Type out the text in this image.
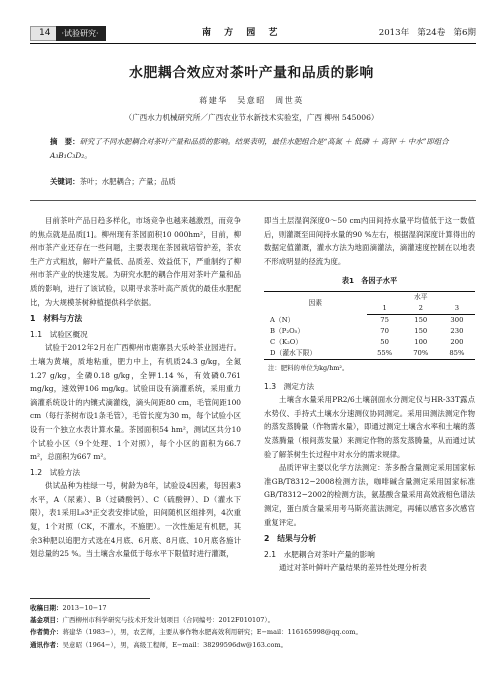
14	·试验研究·	南 方 园 艺	2013年 第24卷 第6期
水肥耦合效应对茶叶产量和品质的影响
蒋建华　吴意昭　周世英
（广西水力机械研究所／广西农业节水新技术实验室，广西 柳州 545006）
摘　要：研究了不同水肥耦合对茶叶产量和品质的影响。结果表明，最佳水肥组合是“高氮 ＋ 低磷 ＋ 高钾 ＋ 中水”即组合 A₃B₁C₃D₂。
关键词：茶叶；水肥耦合；产量；品质

目前茶叶产品日趋多样化，市场竞争也越来越激烈，而竞争的焦点就是品质[1]。柳州现有茶园面积10 000hm²，目前，柳州市茶产业还存在一些问题，主要表现在茶园栽培管护差，茶农生产方式粗放，解叶产量低、品质差、效益低下，严重制约了柳州市茶产业的快速发展。为研究水肥的耦合作用对茶叶产量和品质的影响，进行了该试验，以期寻求茶叶高产质优的最佳水肥配比，为大规模茶树种植提供科学依据。

1　材料与方法

1.1　试验区概况

试验于2012年2月在广西柳州市鹿寨县大乐岭茶业园进行。土壤为黄壤，质地粘重，肥力中上，有机质24.3 g/kg，全氮1.27 g/kg，全磷0.18 g/kg，全钾1.14 %，有效磷0.761 mg/kg，速效钾106 mg/kg。试验田设有滴灌系统，采用重力滴灌系统设计的内镶式滴灌线，滴头间距80 cm，毛管间距100 cm（每行茶树布设1条毛管），毛管长度为30 m，每个试验小区设有一个独立水表计算水量。茶园面积54 hm²，测试区共分10个试验小区（9个处理、1个对照），每个小区的面积为66.7 m²，总面积为667 m²。

1.2　试验方法

供试品种为桂绿一号，树龄为8年，试验设4因素，每因素3水平，A（尿素）、B（过磷酸钙）、C（硫酸钾）、D（灌水下限），表1采用L₉3⁴正交表安排试验，田间随机区组排列，4次重复，1个对照（CK，不灌水，不施肥）。一次性施足有机肥，其余3种肥以追肥方式选在4月底、6月底、8月底、10月底各施计划总量的25 %。当土壤含水量低于每水平下限值时进行灌溉，

即当土层湿润深度0～50 cm内田间持水量平均值低于这一数值后，则灌溉至田间持水量的90 %左右，根据湿润深度计算得出的数据定值灌溉，灌水方法为地面滴灌法，滴灌速度控制在以地表不形成明显的径流为度。

表1　各因子水平
因素	水平		
	1	2	3
A（N）	75	150	300
B（P₂O₅）	70	150	230
C（K₂O）	50	100	200
D（灌水下限）	55%	70%	85%
注：肥料的单位为kg/hm²。

1.3　测定方法

土壤含水量采用PR2/6土壤剖面水分测定仪与HR-33T露点水势仪、手持式土壤水分速测仪协同测定。采用田测法测定作物的蒸发蒸腾量（作物需水量），即通过测定土壤含水率和土壤的蒸发蒸腾量（根间蒸发量）来测定作物的蒸发蒸腾量，从而通过试验了解茶树生长过程中对水分的需求规律。

品质评审主要以化学方法测定：茶多酚含量测定采用国家标准GB/T8312−2008检测方法，咖啡碱含量测定采用国家标准GB/T8312−2002的检测方法，氨基酸含量采用高效液相色谱法测定，蛋白质含量采用考马斯亮蓝法测定，再辅以感官多次感官重复评定。

2　结果与分析

2.1　水肥耦合对茶叶产量的影响

通过对茶叶鲜叶产量结果的差异性处理分析表

收稿日期：2013−10−17
基金项目：广西柳州市科学研究与技术开发计划项目（合同编号：2012F010107）。
作者简介：蒋建华（1983−），男，农艺师，主要从事作物水肥高效利用研究；E−mail：116165998@qq.com。
通讯作者：吴意昭（1964−），男，高级工程师，E−mail：38299596dw@163.com。
